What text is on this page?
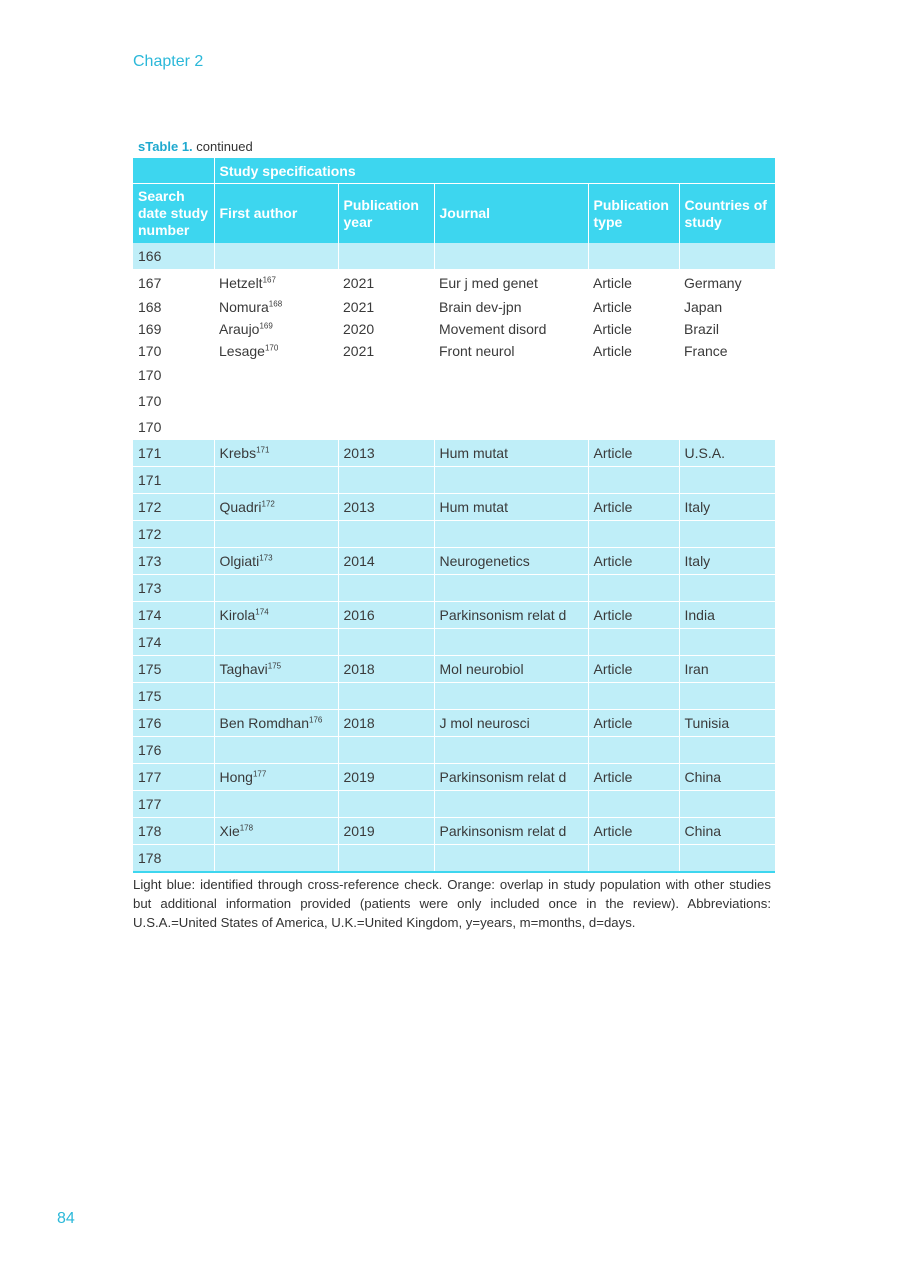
Chapter 2
sTable 1. continued
	Study specifications				
Search date study number	First author	Publication year	Journal	Publication type	Countries of study
166					
167	Hetzelt$^{167}$	2021	Eur j med genet	Article	Germany
168	Nomura$^{168}$	2021	Brain dev-jpn	Article	Japan
169	Araujo$^{169}$	2020	Movement disord	Article	Brazil
170	Lesage$^{170}$	2021	Front neurol	Article	France
170					
170					
170					
171	Krebs$^{171}$	2013	Hum mutat	Article	U.S.A.
171					
172	Quadri$^{172}$	2013	Hum mutat	Article	Italy
172					
173	Olgiati$^{173}$	2014	Neurogenetics	Article	Italy
173					
174	Kirola$^{174}$	2016	Parkinsonism relat d	Article	India
174					
175	Taghavi$^{175}$	2018	Mol neurobiol	Article	Iran
175					
176	Ben Romdhan$^{176}$	2018	J mol neurosci	Article	Tunisia
176					
177	Hong$^{177}$	2019	Parkinsonism relat d	Article	China
177					
178	Xie$^{178}$	2019	Parkinsonism relat d	Article	China
178					
Light blue: identified through cross-reference check. Orange: overlap in study population with other studies but additional information provided (patients were only included once in the review). Abbreviations: U.S.A.=United States of America, U.K.=United Kingdom, y=years, m=months, d=days.
84
